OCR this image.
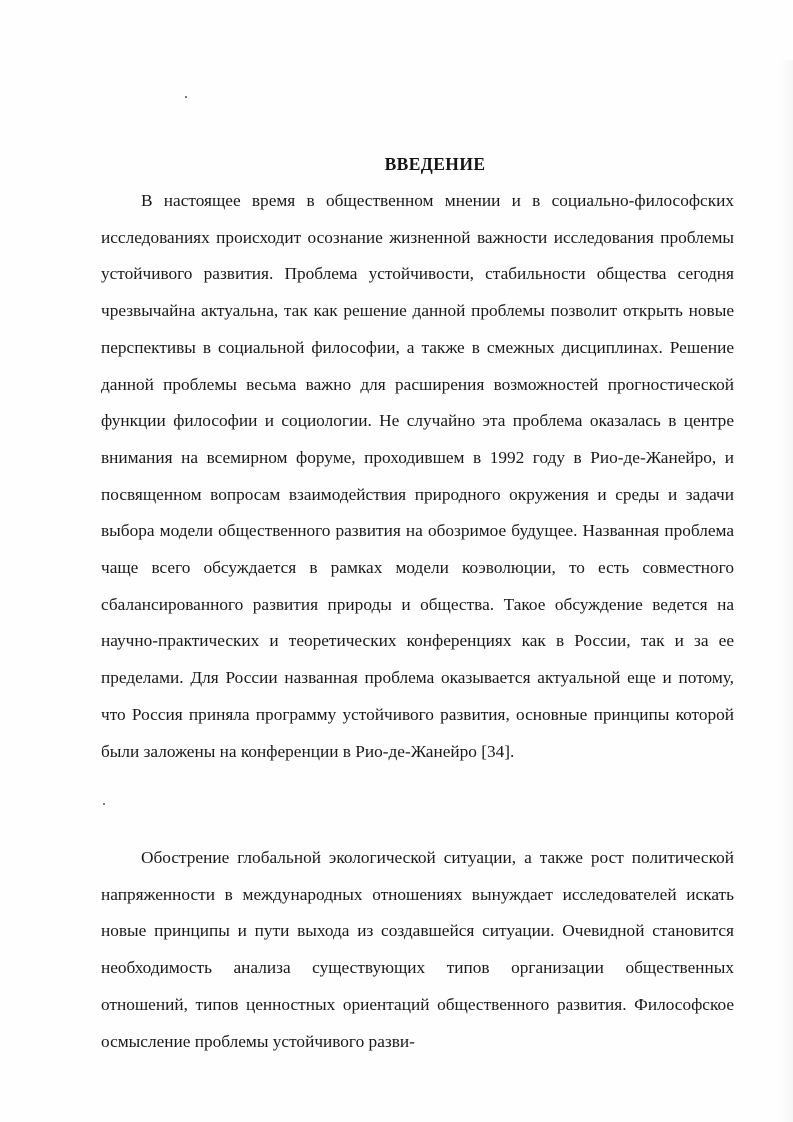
ВВЕДЕНИЕ

В настоящее время в общественном мнении и в социально-философских исследованиях происходит осознание жизненной важности исследования проблемы устойчивого развития. Проблема устойчивости, стабильности общества сегодня чрезвычайна актуальна, так как решение данной проблемы позволит открыть новые перспективы в социальной философии, а также в смежных дисциплинах. Решение данной проблемы весьма важно для расширения возможностей прогностической функции философии и социологии. Не случайно эта проблема оказалась в центре внимания на всемирном форуме, проходившем в 1992 году в Рио-де-Жанейро, и посвященном вопросам взаимодействия природного окружения и среды и задачи выбора модели общественного развития на обозримое будущее. Названная проблема чаще всего обсуждается в рамках модели коэволюции, то есть совместного сбалансированного развития природы и общества. Такое обсуждение ведется на научно-практических и теоретических конференциях как в России, так и за ее пределами. Для России названная проблема оказывается актуальной еще и потому, что Россия приняла программу устойчивого развития, основные принципы которой были заложены на конференции в Рио-де-Жанейро [34].

Обострение глобальной экологической ситуации, а также рост политической напряженности в международных отношениях вынуждает исследователей искать новые принципы и пути выхода из создавшейся ситуации. Очевидной становится необходимость анализа существующих типов организации общественных отношений, типов ценностных ориентаций общественного развития. Философское осмысление проблемы устойчивого разви-
